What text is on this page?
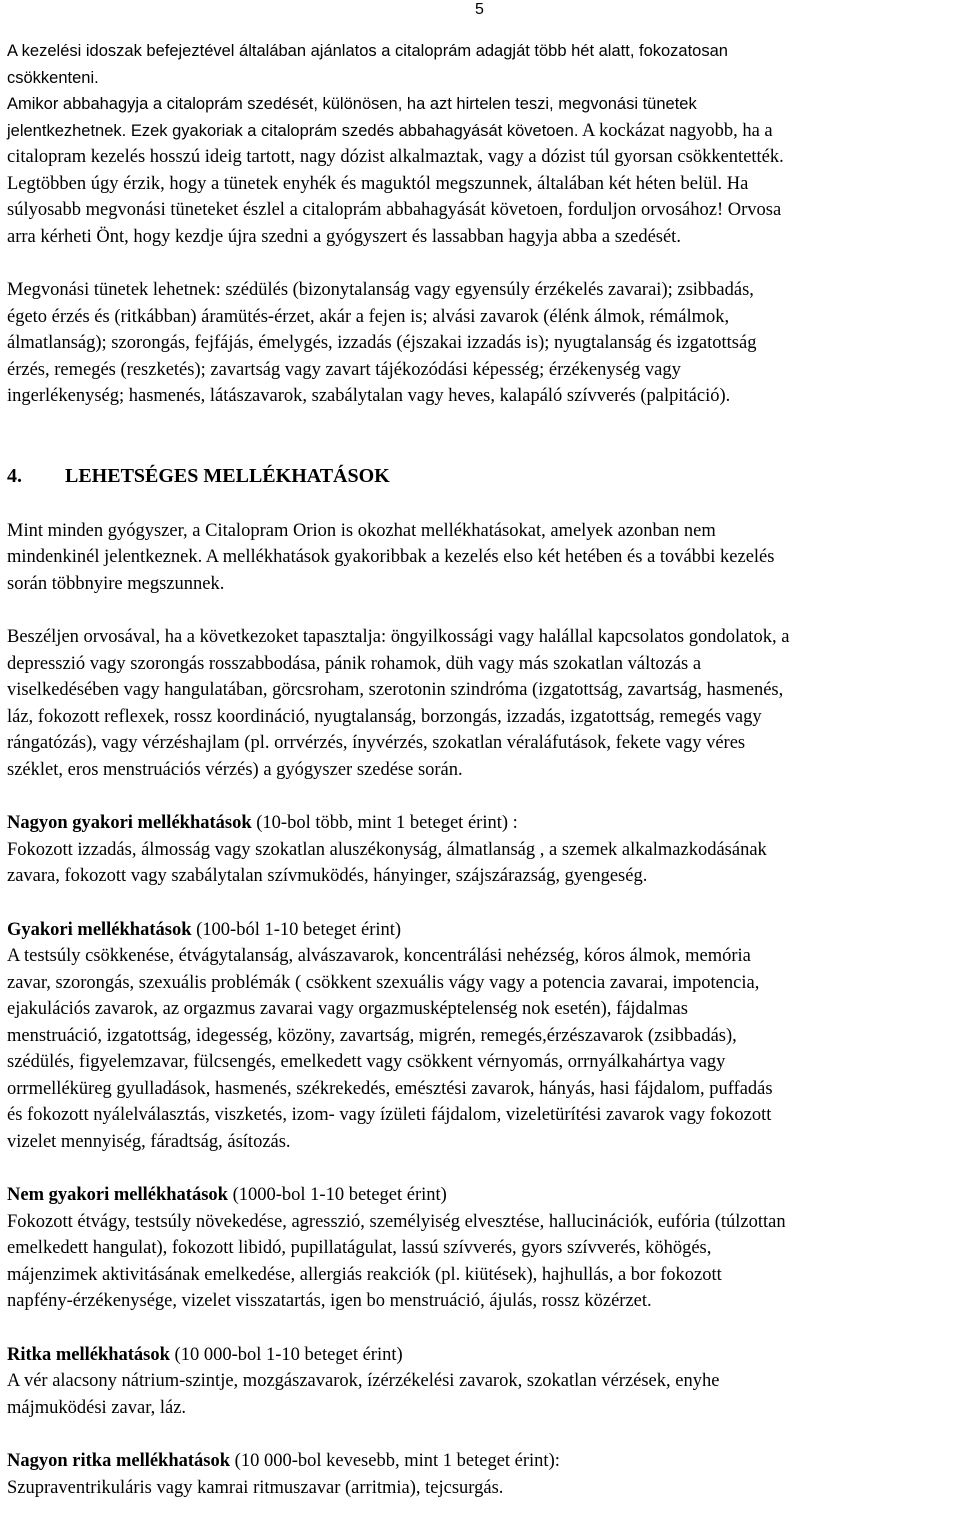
5
A kezelési idoszak befejeztével általában ajánlatos a citaloprám adagját több hét alatt, fokozatosan
csökkenteni.
Amikor abbahagyja a citaloprám szedését, különösen, ha azt hirtelen teszi, megvonási tünetek
jelentkezhetnek. Ezek gyakoriak a citaloprám szedés abbahagyását követoen. A kockázat nagyobb, ha a
citalopram kezelés hosszú ideig tartott, nagy dózist alkalmaztak, vagy a dózist túl gyorsan csökkentették.
Legtöbben úgy érzik, hogy a tünetek enyhék és maguktól megszunnek, általában két héten belül. Ha
súlyosabb megvonási tüneteket észlel a citaloprám abbahagyását követoen, forduljon orvosához! Orvosa
arra kérheti Önt, hogy kezdje újra szedni a gyógyszert és lassabban hagyja abba a szedését.
Megvonási tünetek lehetnek: szédülés (bizonytalanság vagy egyensúly érzékelés zavarai); zsibbadás,
égeto érzés és (ritkábban) áramütés-érzet, akár a fejen is; alvási zavarok (élénk álmok, rémálmok,
álmatlanság); szorongás, fejfájás, émelygés, izzadás (éjszakai izzadás is); nyugtalanság és izgatottság
érzés, remegés (reszketés); zavartság vagy zavart tájékozódási képesség; érzékenység vagy
ingerlékenység; hasmenés, látászavarok, szabálytalan vagy heves, kalapáló szívverés (palpitáció).
4.	LEHETSÉGES MELLÉKHATÁSOK
Mint minden gyógyszer, a Citalopram Orion is okozhat mellékhatásokat, amelyek azonban nem
mindenkinél jelentkeznek. A mellékhatások gyakoribbak a kezelés elso két hetében és a további kezelés
során többnyire megszunnek.
Beszéljen orvosával, ha a következoket tapasztalja: öngyilkossági vagy halállal kapcsolatos gondolatok, a
depresszió vagy szorongás rosszabbodása, pánik rohamok, düh vagy más szokatlan változás a
viselkedésében vagy hangulatában, görcsroham, szerotonin szindróma (izgatottság, zavartság, hasmenés,
láz, fokozott reflexek, rossz koordináció, nyugtalanság, borzongás, izzadás, izgatottság, remegés vagy
rángatózás), vagy vérzéshajlam (pl. orrvérzés, ínyvérzés, szokatlan véraláfutások, fekete vagy véres
széklet, eros menstruációs vérzés) a gyógyszer szedése során.
Nagyon gyakori mellékhatások (10-bol több, mint 1 beteget érint) :
Fokozott izzadás, álmosság vagy szokatlan aluszékonyság, álmatlanság , a szemek alkalmazkodásának
zavara, fokozott vagy szabálytalan szívmuködés, hányinger, szájszárazság, gyengeség.
Gyakori mellékhatások (100-ból 1-10 beteget érint)
A testsúly csökkenése, étvágytalanság, alvászavarok, koncentrálási nehézség, kóros álmok, memória
zavar, szorongás, szexuális problémák ( csökkent szexuális vágy vagy a potencia zavarai, impotencia,
ejakulációs zavarok, az orgazmus zavarai vagy orgazmusképtelenség nok esetén), fájdalmas
menstruáció, izgatottság, idegesség, közöny, zavartság, migrén, remegés,érzészavarok (zsibbadás),
szédülés, figyelemzavar, fülcsengés, emelkedett vagy csökkent vérnyomás, orrnyálkahártya vagy
orrmelléküreg gyulladások, hasmenés, székrekedés, emésztési zavarok, hányás, hasi fájdalom, puffadás
és fokozott nyálelválasztás, viszketés, izom- vagy ízületi fájdalom, vizeletürítési zavarok vagy fokozott
vizelet mennyiség, fáradtság, ásítozás.
Nem gyakori mellékhatások (1000-bol 1-10 beteget érint)
Fokozott étvágy, testsúly növekedése, agresszió, személyiség elvesztése, hallucinációk, eufória (túlzottan
emelkedett hangulat), fokozott libidó, pupillatágulat, lassú szívverés, gyors szívverés, köhögés,
májenzimek aktivitásának emelkedése, allergiás reakciók (pl. kiütések), hajhullás, a bor fokozott
napfény-érzékenysége, vizelet visszatartás, igen bo menstruáció, ájulás, rossz közérzet.
Ritka mellékhatások (10 000-bol 1-10 beteget érint)
A vér alacsony nátrium-szintje, mozgászavarok, ízérzékelési zavarok, szokatlan vérzések, enyhe
májmuködési zavar, láz.
Nagyon ritka mellékhatások (10 000-bol kevesebb, mint 1 beteget érint):
Szupraventrikuláris vagy kamrai ritmuszavar (arritmia), tejcsurgás.
